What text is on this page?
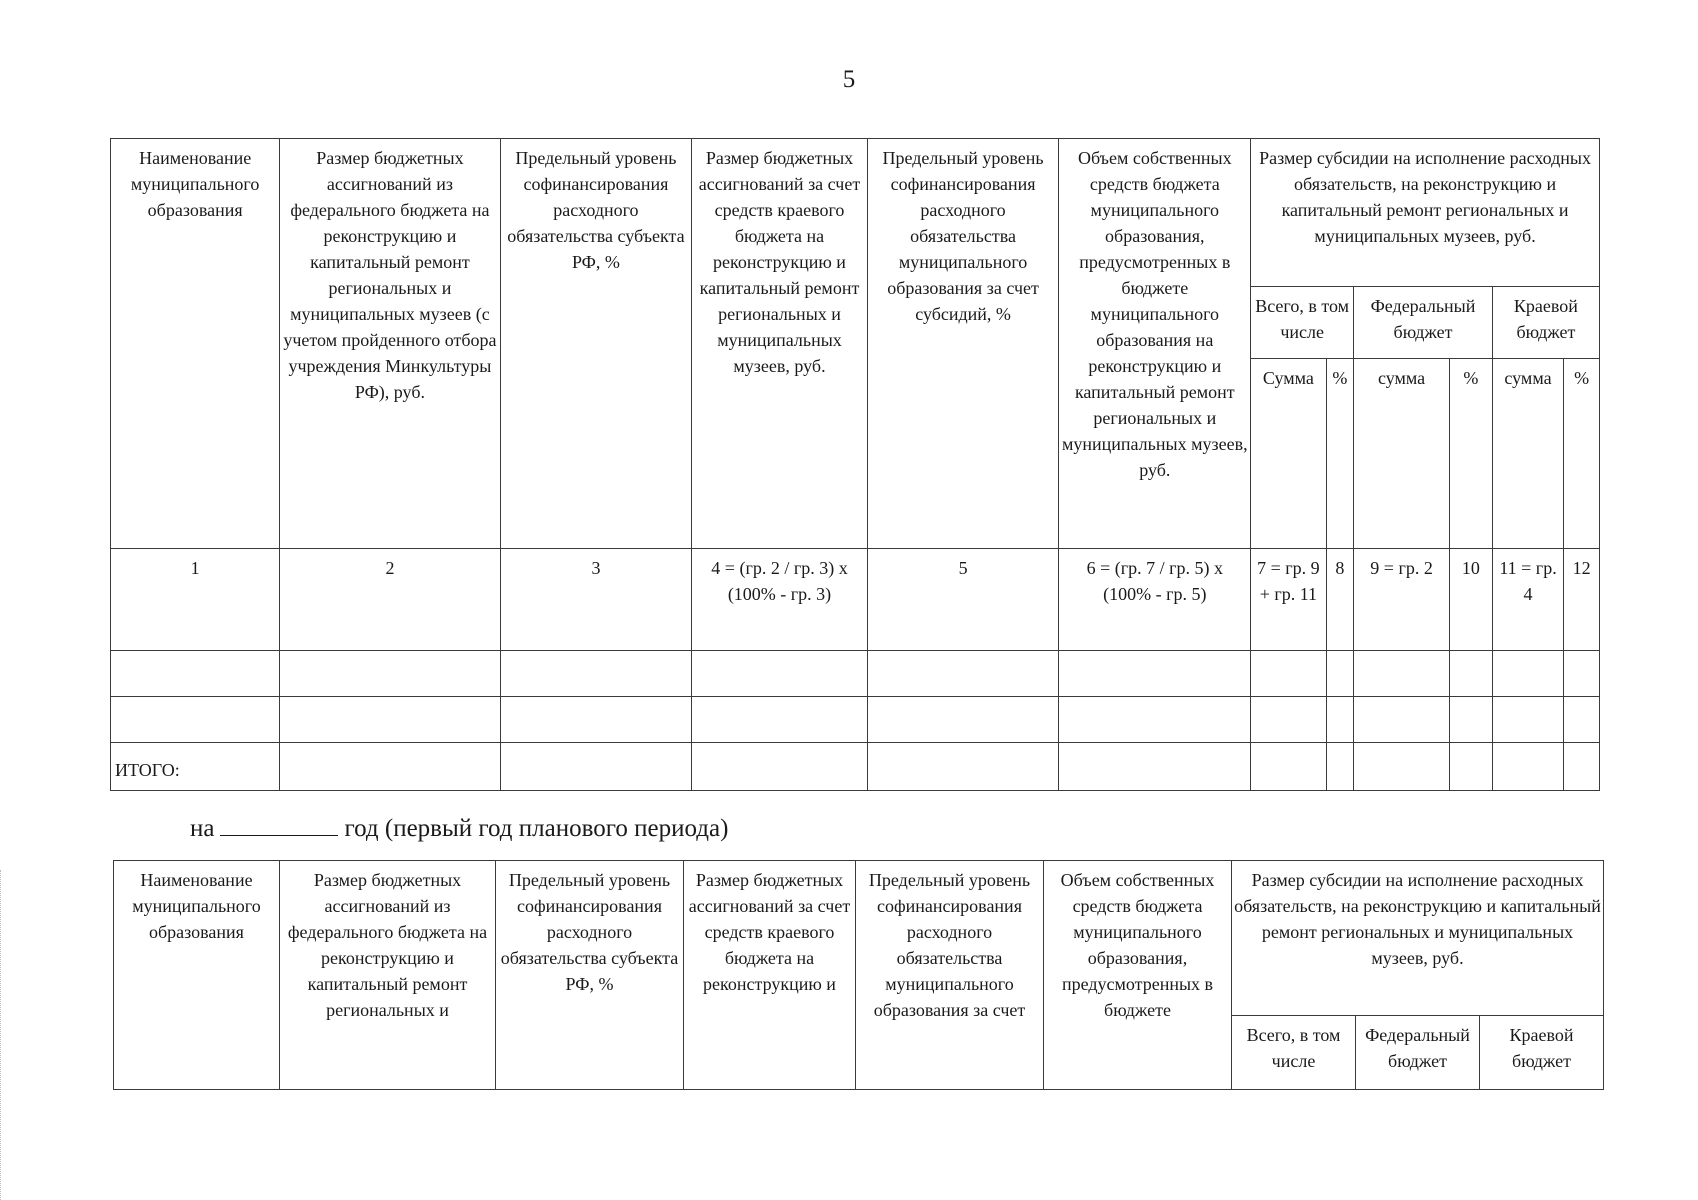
5
Наименование муниципального образования	Размер бюджетных ассигнований из федерального бюджета на реконструкцию и капитальный ремонт региональных и муниципальных музеев (с учетом пройденного отбора учреждения Минкультуры РФ), руб.	Предельный уровень софинансирования расходного обязательства субъекта РФ, %	Размер бюджетных ассигнований за счет средств краевого бюджета на реконструкцию и капитальный ремонт региональных и муниципальных музеев, руб.	Предельный уровень софинансирования расходного обязательства муниципального образования за счет субсидий, %	Объем собственных средств бюджета муниципального образования, предусмотренных в бюджете муниципального образования на реконструкцию и капитальный ремонт региональных и муниципальных музеев, руб.	Размер субсидии на исполнение расходных обязательств, на реконструкцию и капитальный ремонт региональных и муниципальных музеев, руб.					
						Всего, в том числе		Федеральный бюджет		Краевой бюджет	
						Сумма	%	сумма	%	сумма	%
1	2	3	4 = (гр. 2 / гр. 3) х (100% - гр. 3)	5	6 = (гр. 7 / гр. 5) х (100% - гр. 5)	7 = гр. 9 + гр. 11	8	9 = гр. 2	10	11 = гр. 4	12

ИТОГО:											
на	год (первый год планового периода)
Наименование муниципального образования	Размер бюджетных ассигнований из федерального бюджета на реконструкцию и капитальный ремонт региональных и	Предельный уровень софинансирования расходного обязательства субъекта РФ, %	Размер бюджетных ассигнований за счет средств краевого бюджета на реконструкцию и	Предельный уровень софинансирования расходного обязательства муниципального образования за счет	Объем собственных средств бюджета муниципального образования, предусмотренных в бюджете	Размер субсидии на исполнение расходных обязательств, на реконструкцию и капитальный ремонт региональных и муниципальных музеев, руб.		
						Всего, в том числе	Федеральный бюджет	Краевой бюджет
